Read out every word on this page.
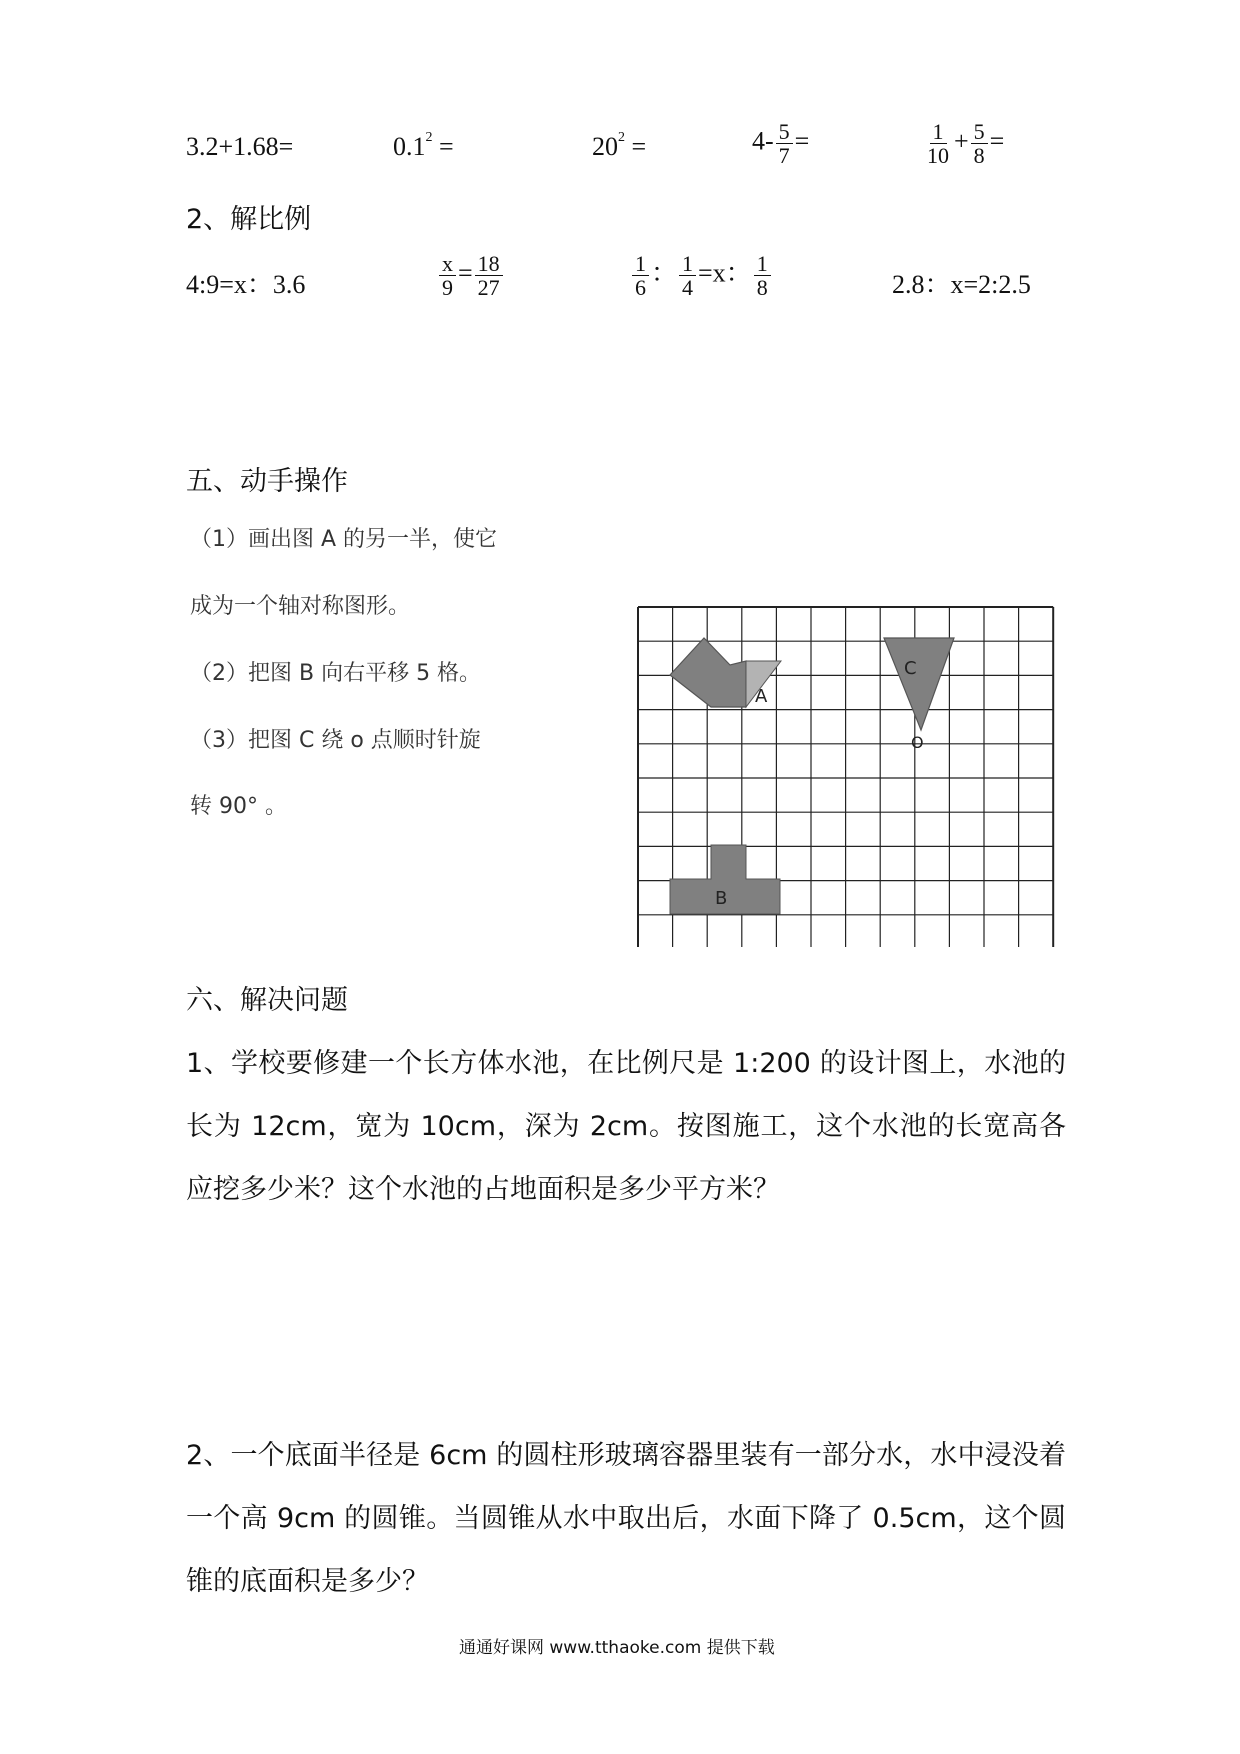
3.2+1.68=	$0.1^2$ =	$20^2$ =	$4- \frac{5}{7}$ =	$\frac{1}{10} + \frac{5}{8}$ =
2、解比例
4:9=x：3.6	$\frac{x}{9} = \frac{18}{27}$	$\frac{1}{6}$ ： $\frac{1}{4} =x$： $\frac{1}{8}$	2.8：x=2:2.5
五、动手操作
（1）画出图 A 的另一半，使它
成为一个轴对称图形。
（2）把图 B 向右平移 5 格。
（3）把图 C 绕 o 点顺时针旋
转 90° 。
A
C
B
O
六、解决问题
1、学校要修建一个长方体水池，在比例尺是 1:200 的设计图上，水池的长为 12cm，宽为 10cm，深为 2cm。按图施工，这个水池的长宽高各应挖多少米？这个水池的占地面积是多少平方米？
2、一个底面半径是 6cm 的圆柱形玻璃容器里装有一部分水，水中浸没着一个高 9cm 的圆锥。当圆锥从水中取出后，水面下降了 0.5cm，这个圆锥的底面积是多少？
通通好课网 www.tthaoke.com 提供下载
